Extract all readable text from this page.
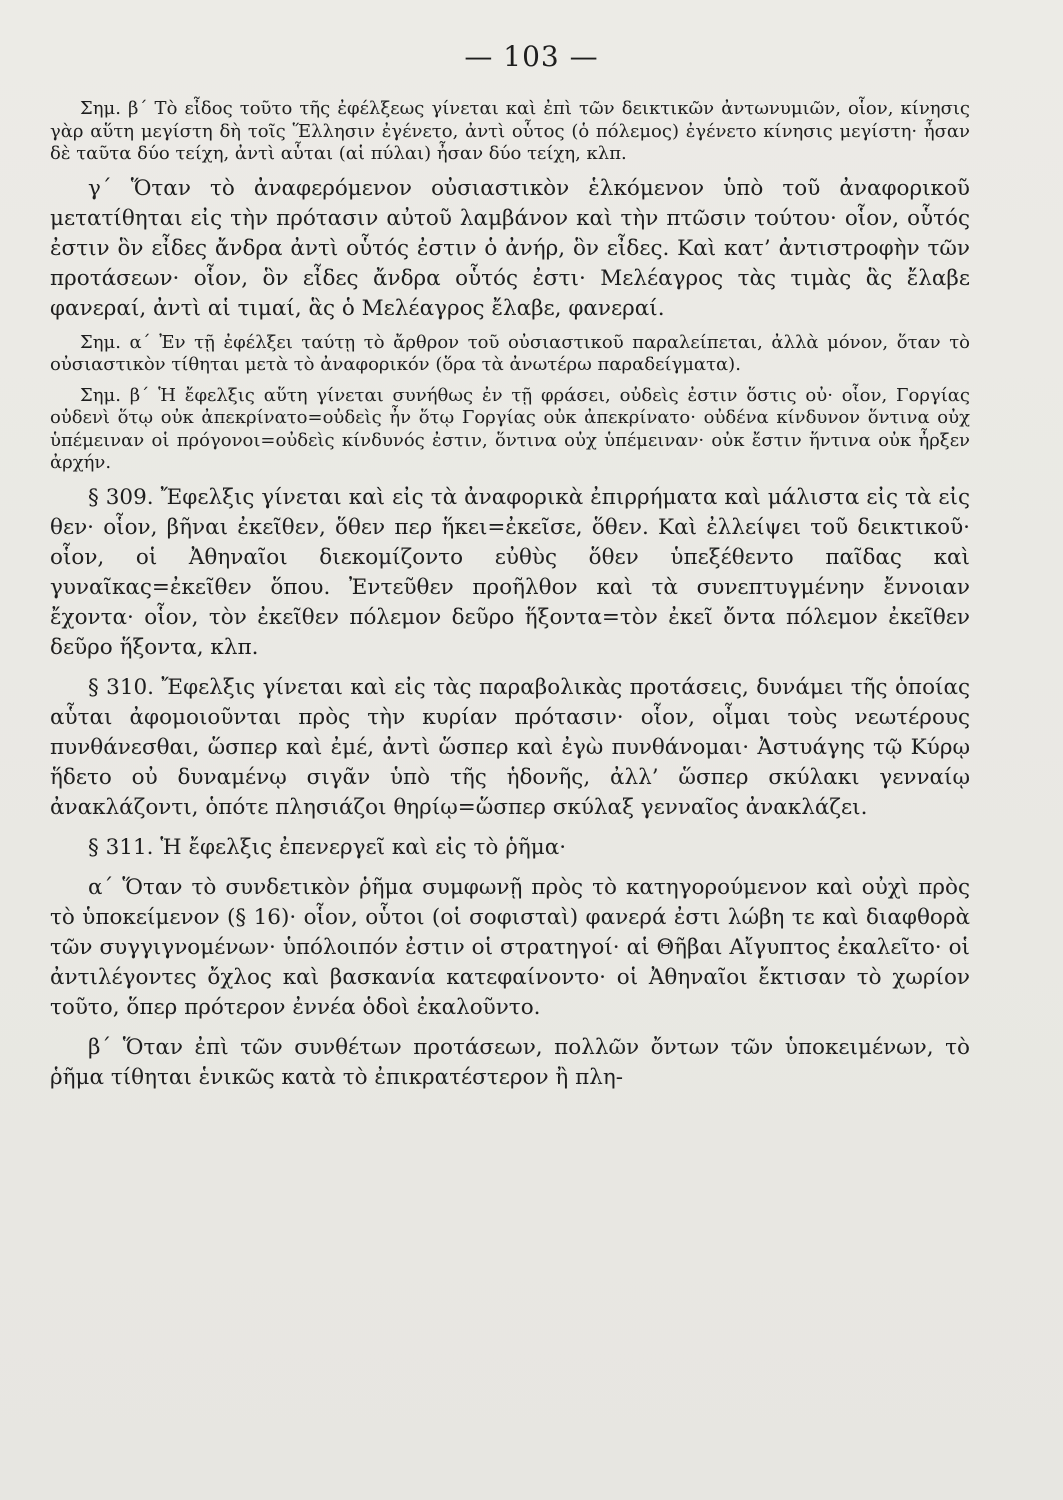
— 103 —

Σημ. β΄ Τὸ εἶδος τοῦτο τῆς ἐφέλξεως γίνεται καὶ ἐπὶ τῶν δεικτικῶν ἀντωνυμιῶν, οἷον, κίνησις γὰρ αὕτη μεγίστη δὴ τοῖς Ἕλλησιν ἐγένετο, ἀντὶ οὗτος (ὁ πόλεμος) ἐγένετο κίνησις μεγίστη· ἦσαν δὲ ταῦτα δύο τείχη, ἀντὶ αὗται (αἱ πύλαι) ἦσαν δύο τείχη, κλπ.

γ΄ Ὅταν τὸ ἀναφερόμενον οὐσιαστικὸν ἑλκόμενον ὑπὸ τοῦ ἀναφορικοῦ μετατίθηται εἰς τὴν πρότασιν αὐτοῦ λαμβάνον καὶ τὴν πτῶσιν τούτου· οἷον, οὗτός ἐστιν ὃν εἶδες ἄνδρα ἀντὶ οὗτός ἐστιν ὁ ἀνήρ, ὃν εἶδες. Καὶ κατ’ ἀντιστροφὴν τῶν προτάσεων· οἷον, ὃν εἶδες ἄνδρα οὗτός ἐστι· Μελέαγρος τὰς τιμὰς ἃς ἔλαβε φανεραί, ἀντὶ αἱ τιμαί, ἃς ὁ Μελέαγρος ἔλαβε, φανεραί.

Σημ. α΄ Ἐν τῇ ἐφέλξει ταύτῃ τὸ ἄρθρον τοῦ οὐσιαστικοῦ παραλείπεται, ἀλλὰ μόνον, ὅταν τὸ οὐσιαστικὸν τίθηται μετὰ τὸ ἀναφορικόν (ὅρα τὰ ἀνωτέρω παραδείγματα).

Σημ. β΄ Ἡ ἔφελξις αὕτη γίνεται συνήθως ἐν τῇ φράσει, οὐδεὶς ἐστιν ὅστις οὐ· οἷον, Γοργίας οὐδενὶ ὅτῳ οὐκ ἀπεκρίνατο=οὐδεὶς ἦν ὅτῳ Γοργίας οὐκ ἀπεκρίνατο· οὐδένα κίνδυνον ὅντινα οὐχ ὑπέμειναν οἱ πρόγονοι=οὐδεὶς κίνδυνός ἐστιν, ὅντινα οὐχ ὑπέμειναν· οὐκ ἔστιν ἥντινα οὐκ ἦρξεν ἀρχήν.

§ 309. Ἔφελξις γίνεται καὶ εἰς τὰ ἀναφορικὰ ἐπιρρήματα καὶ μάλιστα εἰς τὰ εἰς θεν· οἷον, βῆναι ἐκεῖθεν, ὅθεν περ ἥκει=ἐκεῖσε, ὅθεν. Καὶ ἐλλείψει τοῦ δεικτικοῦ· οἷον, οἱ Ἀθηναῖοι διεκομίζοντο εὐθὺς ὅθεν ὑπεξέθεντο παῖδας καὶ γυναῖκας=ἐκεῖθεν ὅπου. Ἐντεῦθεν προῆλθον καὶ τὰ συνεπτυγμένην ἔννοιαν ἔχοντα· οἷον, τὸν ἐκεῖθεν πόλεμον δεῦρο ἥξοντα=τὸν ἐκεῖ ὄντα πόλεμον ἐκεῖθεν δεῦρο ἥξοντα, κλπ.

§ 310. Ἔφελξις γίνεται καὶ εἰς τὰς παραβολικὰς προτάσεις, δυνάμει τῆς ὁποίας αὗται ἀφομοιοῦνται πρὸς τὴν κυρίαν πρότασιν· οἷον, οἶμαι τοὺς νεωτέρους πυνθάνεσθαι, ὥσπερ καὶ ἐμέ, ἀντὶ ὥσπερ καὶ ἐγὼ πυνθάνομαι· Ἀστυάγης τῷ Κύρῳ ἥδετο οὐ δυναμένῳ σιγᾶν ὑπὸ τῆς ἡδονῆς, ἀλλ’ ὥσπερ σκύλακι γενναίῳ ἀνακλάζοντι, ὁπότε πλησιάζοι θηρίῳ=ὥσπερ σκύλαξ γενναῖος ἀνακλάζει.

§ 311. Ἡ ἔφελξις ἐπενεργεῖ καὶ εἰς τὸ ῥῆμα·

α΄ Ὅταν τὸ συνδετικὸν ῥῆμα συμφωνῇ πρὸς τὸ κατηγορούμενον καὶ οὐχὶ πρὸς τὸ ὑποκείμενον (§ 16)· οἷον, οὗτοι (οἱ σοφισταὶ) φανερά ἐστι λώβη τε καὶ διαφθορὰ τῶν συγγιγνομένων· ὑπόλοιπόν ἐστιν οἱ στρατηγοί· αἱ Θῆβαι Αἴγυπτος ἐκαλεῖτο· οἱ ἀντιλέγοντες ὄχλος καὶ βασκανία κατεφαίνοντο· οἱ Ἀθηναῖοι ἔκτισαν τὸ χωρίον τοῦτο, ὅπερ πρότερον ἐννέα ὁδοὶ ἐκαλοῦντο.

β΄ Ὅταν ἐπὶ τῶν συνθέτων προτάσεων, πολλῶν ὄντων τῶν ὑποκειμένων, τὸ ῥῆμα τίθηται ἑνικῶς κατὰ τὸ ἐπικρατέστερον ἢ πλη-
